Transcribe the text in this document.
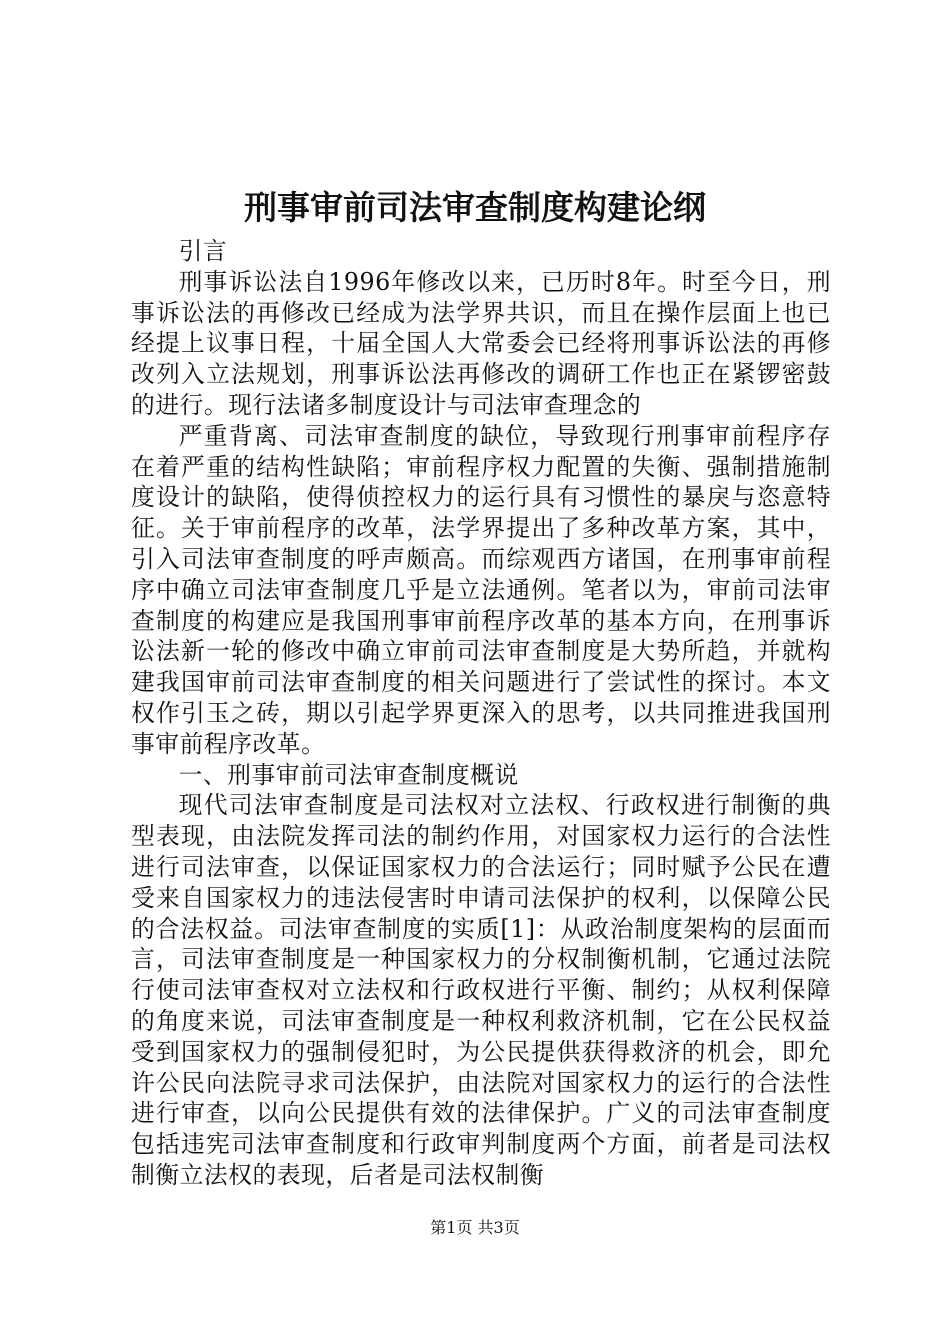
刑事审前司法审查制度构建论纲

引言

刑事诉讼法自1996年修改以来，已历时8年。时至今日，刑事诉讼法的再修改已经成为法学界共识，而且在操作层面上也已经提上议事日程，十届全国人大常委会已经将刑事诉讼法的再修改列入立法规划，刑事诉讼法再修改的调研工作也正在紧锣密鼓的进行。现行法诸多制度设计与司法审查理念的

严重背离、司法审查制度的缺位，导致现行刑事审前程序存在着严重的结构性缺陷；审前程序权力配置的失衡、强制措施制度设计的缺陷，使得侦控权力的运行具有习惯性的暴戾与恣意特征。关于审前程序的改革，法学界提出了多种改革方案，其中，引入司法审查制度的呼声颇高。而综观西方诸国，在刑事审前程序中确立司法审查制度几乎是立法通例。笔者以为，审前司法审查制度的构建应是我国刑事审前程序改革的基本方向，在刑事诉讼法新一轮的修改中确立审前司法审查制度是大势所趋，并就构建我国审前司法审查制度的相关问题进行了尝试性的探讨。本文权作引玉之砖，期以引起学界更深入的思考，以共同推进我国刑事审前程序改革。

一、刑事审前司法审查制度概说

现代司法审查制度是司法权对立法权、行政权进行制衡的典型表现，由法院发挥司法的制约作用，对国家权力运行的合法性进行司法审查，以保证国家权力的合法运行；同时赋予公民在遭受来自国家权力的违法侵害时申请司法保护的权利，以保障公民的合法权益。司法审查制度的实质[1]：从政治制度架构的层面而言，司法审查制度是一种国家权力的分权制衡机制，它通过法院行使司法审查权对立法权和行政权进行平衡、制约；从权利保障的角度来说，司法审查制度是一种权利救济机制，它在公民权益受到国家权力的强制侵犯时，为公民提供获得救济的机会，即允许公民向法院寻求司法保护，由法院对国家权力的运行的合法性进行审查，以向公民提供有效的法律保护。广义的司法审查制度包括违宪司法审查制度和行政审判制度两个方面，前者是司法权制衡立法权的表现，后者是司法权制衡

第1页 共3页
